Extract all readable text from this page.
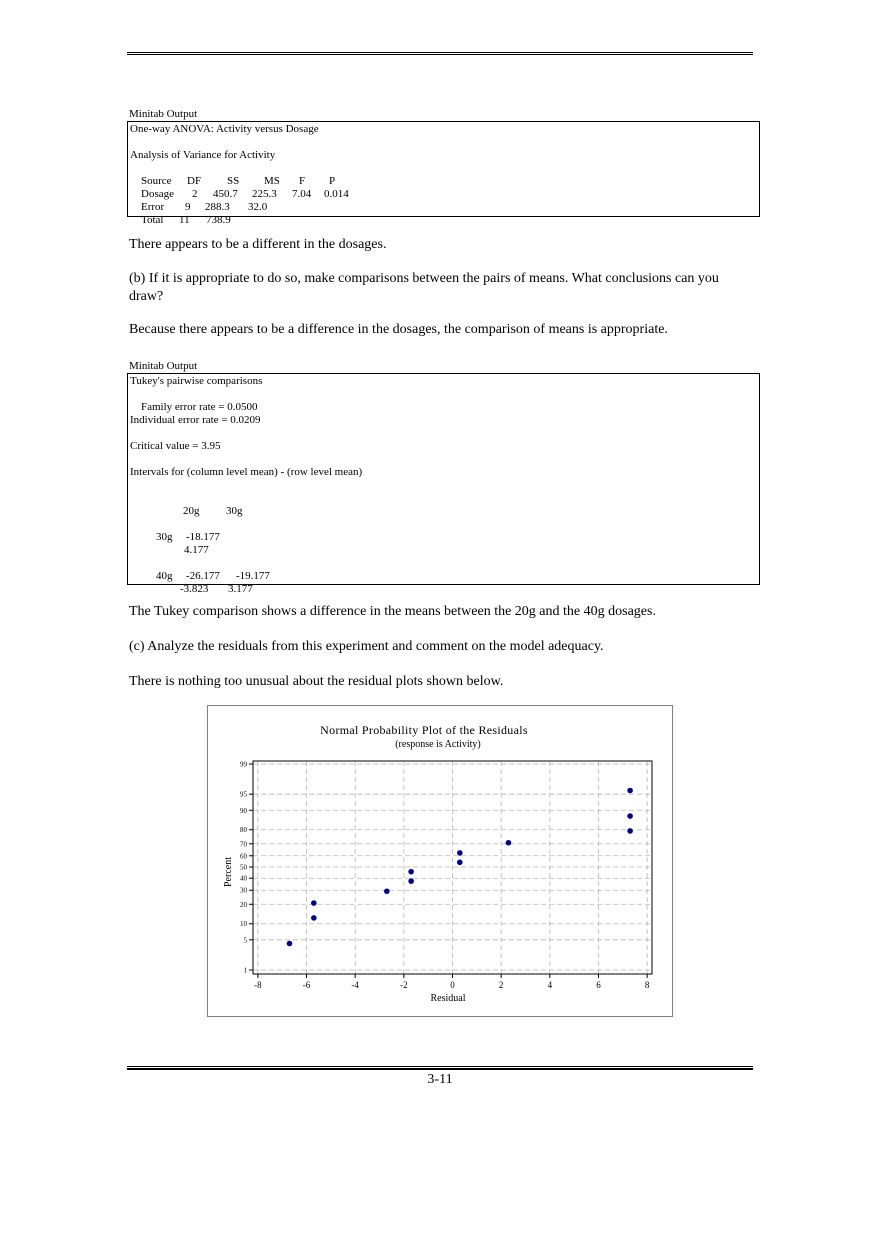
Minitab Output
One-way ANOVA: Activity versus Dosage
Analysis of Variance for Activity

Source DF SS MS F P

Dosage 2 450.7 225.3 7.04 0.014

Error 9 288.3 32.0

Total 11 738.9

There appears to be a different in the dosages.
(b) If it is appropriate to do so, make comparisons between the pairs of means. What conclusions can you draw?
Because there appears to be a difference in the dosages, the comparison of means is appropriate.
Minitab Output
Tukey's pairwise comparisons
Family error rate = 0.0500
Individual error rate = 0.0209
Critical value = 3.95
Intervals for (column level mean) - (row level mean)

20g 30g

30g -18.177

4.177

40g -26.177 -19.177

-3.823 3.177

The Tukey comparison shows a difference in the means between the 20g and the 40g dosages.
(c) Analyze the residuals from this experiment and comment on the model adequacy.
There is nothing too unusual about the residual plots shown below.
1
5
10
20
30
40
50
60
70
80
90
95
99
-8	-6	-4	-2	0	2	4	6	8
Normal Probability Plot of the Residuals
(response is Activity)
Residual
Percent
3-11
